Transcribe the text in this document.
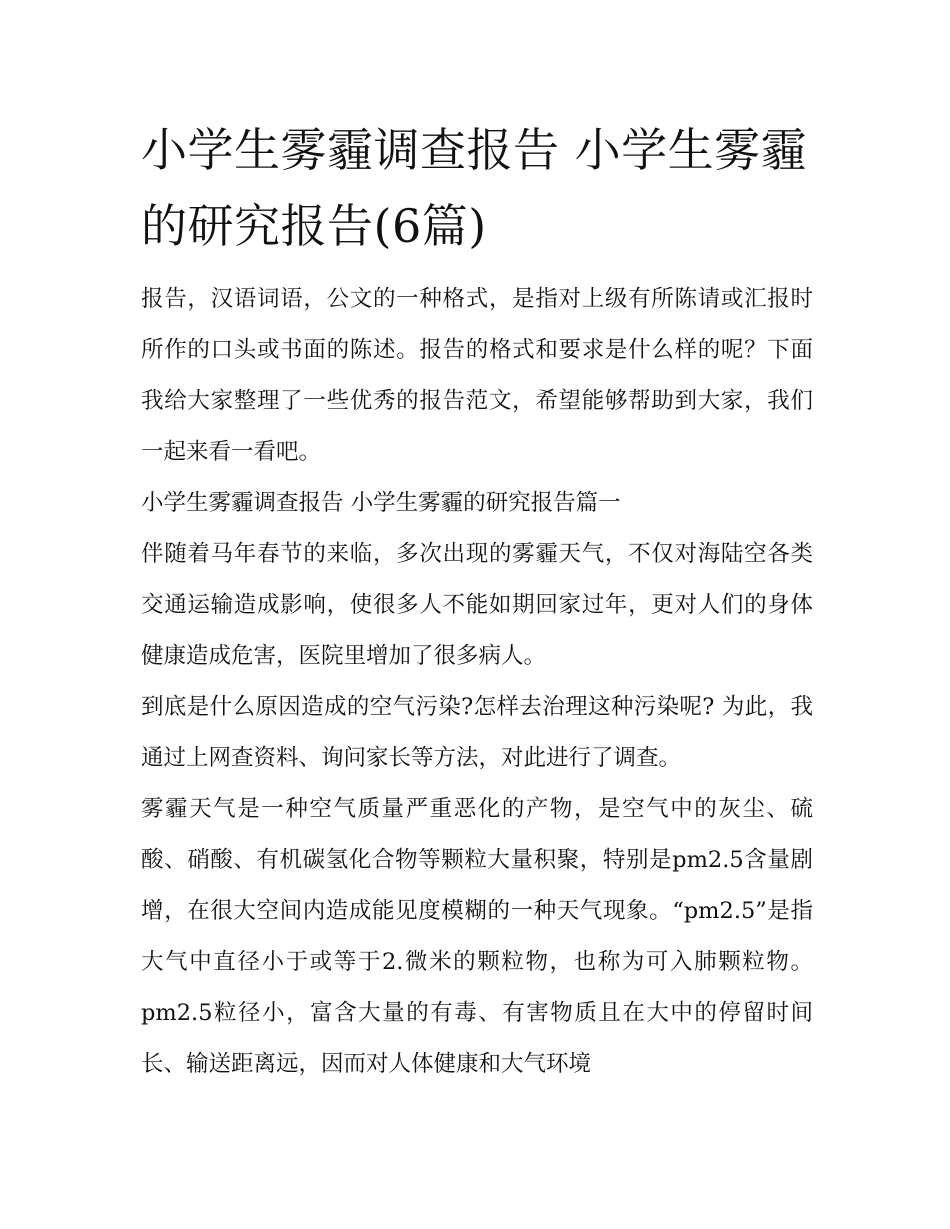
小学生雾霾调查报告 小学生雾霾的研究报告(6篇)

报告，汉语词语，公文的一种格式，是指对上级有所陈请或汇报时所作的口头或书面的陈述。报告的格式和要求是什么样的呢？下面我给大家整理了一些优秀的报告范文，希望能够帮助到大家，我们一起来看一看吧。

小学生雾霾调查报告 小学生雾霾的研究报告篇一

伴随着马年春节的来临，多次出现的雾霾天气，不仅对海陆空各类交通运输造成影响，使很多人不能如期回家过年，更对人们的身体健康造成危害，医院里增加了很多病人。

到底是什么原因造成的空气污染?怎样去治理这种污染呢? 为此，我通过上网查资料、询问家长等方法，对此进行了调查。

雾霾天气是一种空气质量严重恶化的产物，是空气中的灰尘、硫酸、硝酸、有机碳氢化合物等颗粒大量积聚，特别是pm2.5含量剧增，在很大空间内造成能见度模糊的一种天气现象。“pm2.5”是指大气中直径小于或等于2.微米的颗粒物，也称为可入肺颗粒物。pm2.5粒径小，富含大量的有毒、有害物质且在大中的停留时间长、输送距离远，因而对人体健康和大气环境
